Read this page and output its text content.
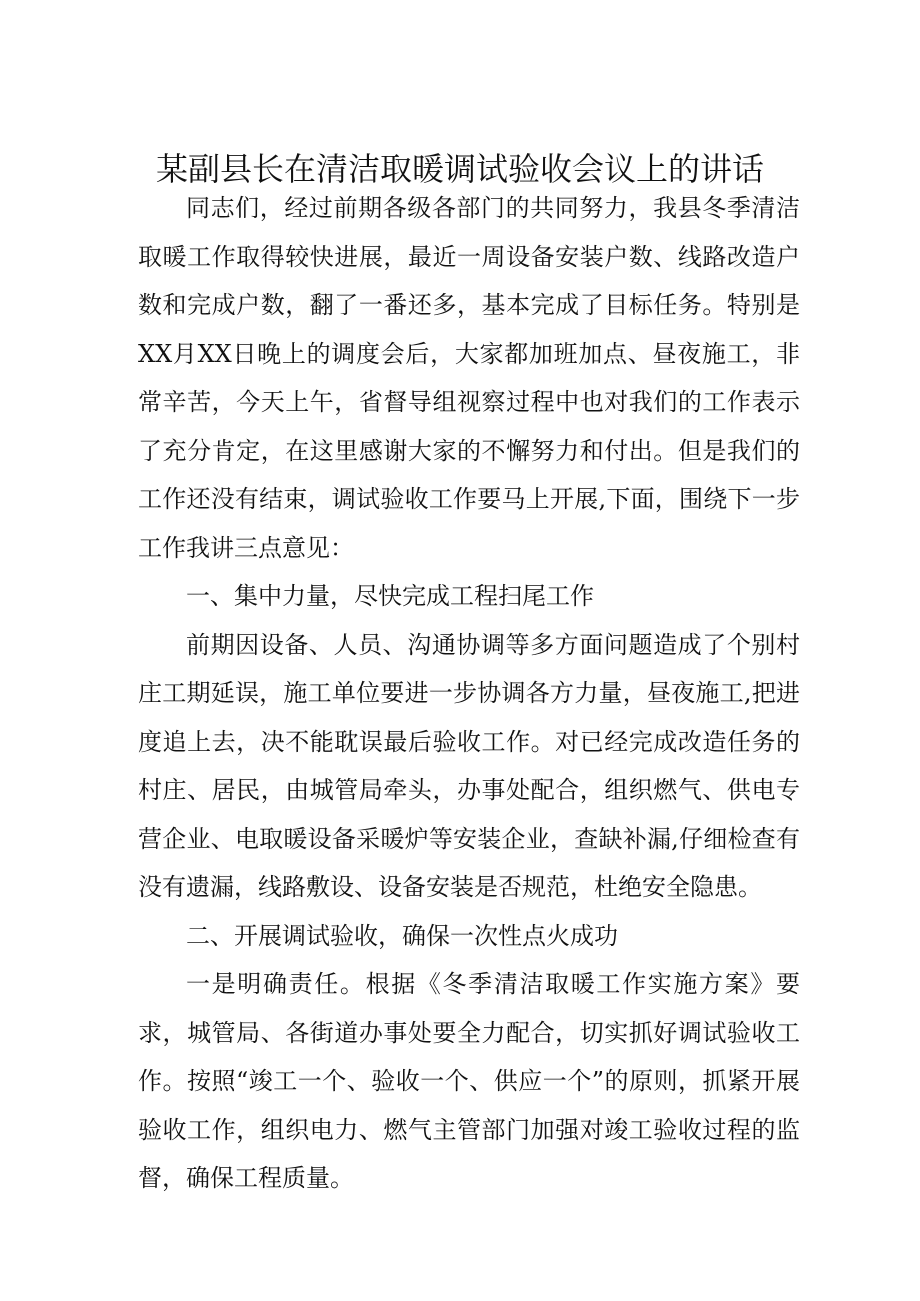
某副县长在清洁取暖调试验收会议上的讲话

同志们，经过前期各级各部门的共同努力，我县冬季清洁取暖工作取得较快进展，最近一周设备安装户数、线路改造户数和完成户数，翻了一番还多，基本完成了目标任务。特别是XX月XX日晚上的调度会后，大家都加班加点、昼夜施工，非常辛苦，今天上午，省督导组视察过程中也对我们的工作表示了充分肯定，在这里感谢大家的不懈努力和付出。但是我们的工作还没有结束，调试验收工作要马上开展,下面，围绕下一步工作我讲三点意见：

一、集中力量，尽快完成工程扫尾工作

前期因设备、人员、沟通协调等多方面问题造成了个别村庄工期延误，施工单位要进一步协调各方力量，昼夜施工,把进度追上去，决不能耽误最后验收工作。对已经完成改造任务的村庄、居民，由城管局牵头，办事处配合，组织燃气、供电专营企业、电取暖设备采暖炉等安装企业，查缺补漏,仔细检查有没有遗漏，线路敷设、设备安装是否规范，杜绝安全隐患。

二、开展调试验收，确保一次性点火成功

一是明确责任。根据《冬季清洁取暖工作实施方案》要求，城管局、各街道办事处要全力配合，切实抓好调试验收工作。按照“竣工一个、验收一个、供应一个”的原则，抓紧开展验收工作，组织电力、燃气主管部门加强对竣工验收过程的监督，确保工程质量。
